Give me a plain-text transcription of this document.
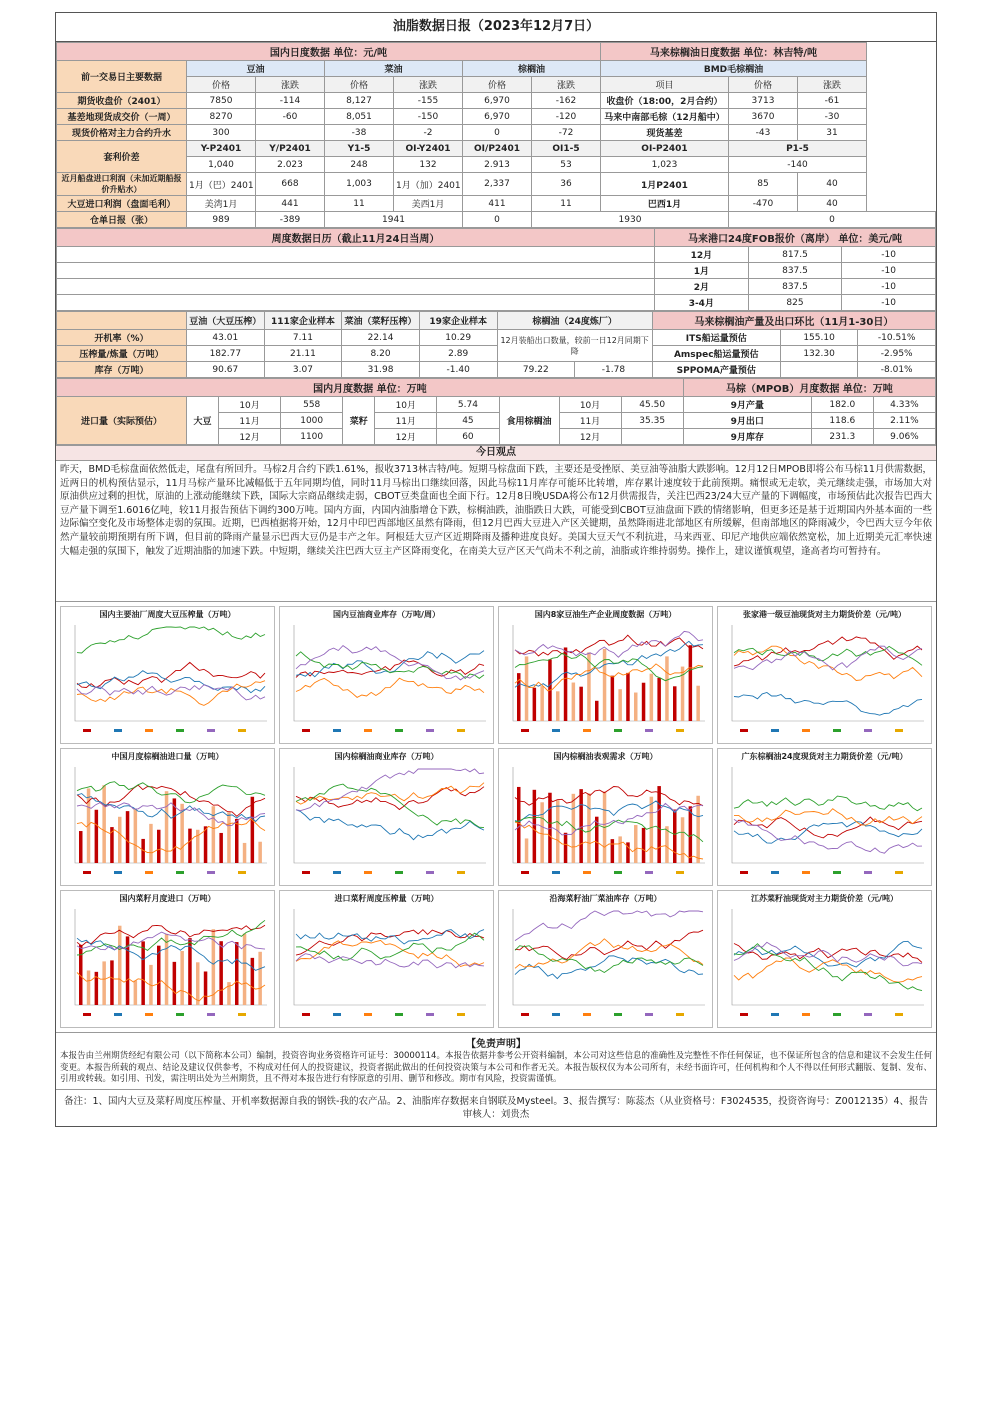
油脂数据日报（2023年12月7日）
国内日度数据 单位：元/吨							马来棕榈油日度数据 单位：林吉特/吨		
前一交易日主要数据	豆油		菜油		棕榈油		BMD毛棕榈油		
	价格	涨跌	价格	涨跌	价格	涨跌	项目	价格	涨跌
期货收盘价（2401）	7850	-114	8,127	-155	6,970	-162	收盘价（18:00，2月合约）	3713	-61
基差地现货成交价（一周）	8270	-60	8,051	-150	6,970	-120	马来中南部毛棕（12月船中）	3670	-30
现货价格对主力合约升水	300		-38	-2	0	-72	现货基差	-43	31
套利价差	Y-P2401	Y/P2401	Y1-5	OI-Y2401	OI/P2401	OI1-5	OI-P2401	P1-5	
	1,040	2.023	248	132	2.913	53	1,023	-140	
近月船盘进口利润（未加近期船报价升贴水）	1月（巴）2401	668	1,003	1月（加）2401	2,337	36	1月P2401	85	40
大豆进口利润（盘面毛利）	美湾1月	441	11	美西1月	411	11	巴西1月	-470	40
仓单日报（张）	989	-389	1941		0	1930		0	
周度数据日历（截止11月24日当周）	马来港口24度FOB报价（离岸） 单位：美元/吨		
	12月	817.5	-10
	1月	837.5	-10
	2月	837.5	-10
	3-4月	825	-10
	豆油（大豆压榨）	111家企业样本	菜油（菜籽压榨）	19家企业样本	棕榈油（24度炼厂）		马来棕榈油产量及出口环比（11月1-30日）		
开机率（%）	43.01	7.11	22.14	10.29	12月装船出口数量，较前一日12月同期下降		ITS船运量预估	155.10	-10.51%
压榨量/炼量（万吨）	182.77	21.11	8.20	2.89			Amspec船运量预估	132.30	-2.95%
库存（万吨）	90.67	3.07	31.98	-1.40	79.22	-1.78	SPPOMA产量预估		-8.01%
国内月度数据 单位：万吨										马棕（MPOB）月度数据 单位：万吨		
进口量（实际预估）	大豆	10月	558	菜籽	10月	5.74	食用棕榈油	10月	45.50	9月产量	182.0	4.33%
		11月	1000		11月	45		11月	35.35	9月出口	118.6	2.11%
		12月	1100		12月	60		12月		9月库存	231.3	9.06%
今日观点
昨天，BMD毛棕盘面依然低走，尾盘有所回升。马棕2月合约下跌1.61%，报收3713林吉特/吨。短期马棕盘面下跌，主要还是受挫原、美豆油等油脂大跌影响。12月12日MPOB即将公布马棕11月供需数据，近两日的机构预估显示，11月马棕产量环比减幅低于五年同期均值，同时11月马棕出口继续回落，因此马棕11月库存可能环比转增，库存累计速度较于此前预期。痛恨或无走软，美元继续走强，市场加大对原油供应过剩的担忧，原油的上涨动能继续下跌，国际大宗商品继续走弱，CBOT豆类盘面也全面下行。12月8日晚USDA将公布12月供需报告，关注巴西23/24大豆产量的下调幅度，市场预估此次报告巴西大豆产量下调至1.6016亿吨，较11月报告预估下调约300万吨。国内方面，内国内油脂增仓下跌，棕榈油跌，油脂跌日大跌，可能受到CBOT豆油盘面下跌的情绪影响，但更多还是基于近期国内外基本面的一些边际偏空变化及市场整体走弱的氛围。近期，巴西植据将开始，12月中印巴西部地区虽然有降雨，但12月巴西大豆进入产区关键期，虽然降雨进北部地区有所缓解，但南部地区的降雨减少，令巴西大豆今年依然产量较前期预期有所下调，但目前的降雨产量显示巴西大豆仍是丰产之年。阿根廷大豆产区近期降雨及播种进度良好。美国大豆天气不利抗进，马来西亚、印尼产地供应端依然宽松，加上近期美元汇率快速大幅走强的氛围下，触发了近期油脂的加速下跌。中短期，继续关注巴西大豆主产区降雨变化，在南美大豆产区天气尚未不利之前，油脂或许维持弱势。操作上，建议谨慎观望，逢高者均可暂持有。
国内主要油厂周度大豆压榨量（万吨）	国内豆油商业库存（万吨/周）	国内8家豆油生产企业周度数据（万吨）	张家港一级豆油现货对主力期货价差（元/吨）
中国月度棕榈油进口量（万吨）	国内棕榈油商业库存（万吨）	国内棕榈油表观需求（万吨）	广东棕榈油24度现货对主力期货价差（元/吨）
国内菜籽月度进口（万吨）	进口菜籽周度压榨量（万吨）	沿海菜籽油厂菜油库存（万吨）	江苏菜籽油现货对主力期货价差（元/吨）
【免责声明】
本报告由兰州期货经纪有限公司（以下简称本公司）编制，投资咨询业务资格许可证号：30000114。本报告依据并参考公开资料编制，本公司对这些信息的准确性及完整性不作任何保证，也不保证所包含的信息和建议不会发生任何变更。本报告所载的观点、结论及建议仅供参考，不构成对任何人的投资建议，投资者据此做出的任何投资决策与本公司和作者无关。本报告版权仅为本公司所有，未经书面许可，任何机构和个人不得以任何形式翻版、复制、发布、引用或转载。如引用、刊发，需注明出处为兰州期货，且不得对本报告进行有悖原意的引用、删节和修改。期市有风险，投资需谨慎。
备注：1、国内大豆及菜籽周度压榨量、开机率数据源自我的钢铁-我的农产品。2、油脂库存数据来自钢联及Mysteel。3、报告撰写：陈蕊杰（从业资格号：F3024535，投资咨询号：Z0012135）4、报告审核人：刘贵杰
